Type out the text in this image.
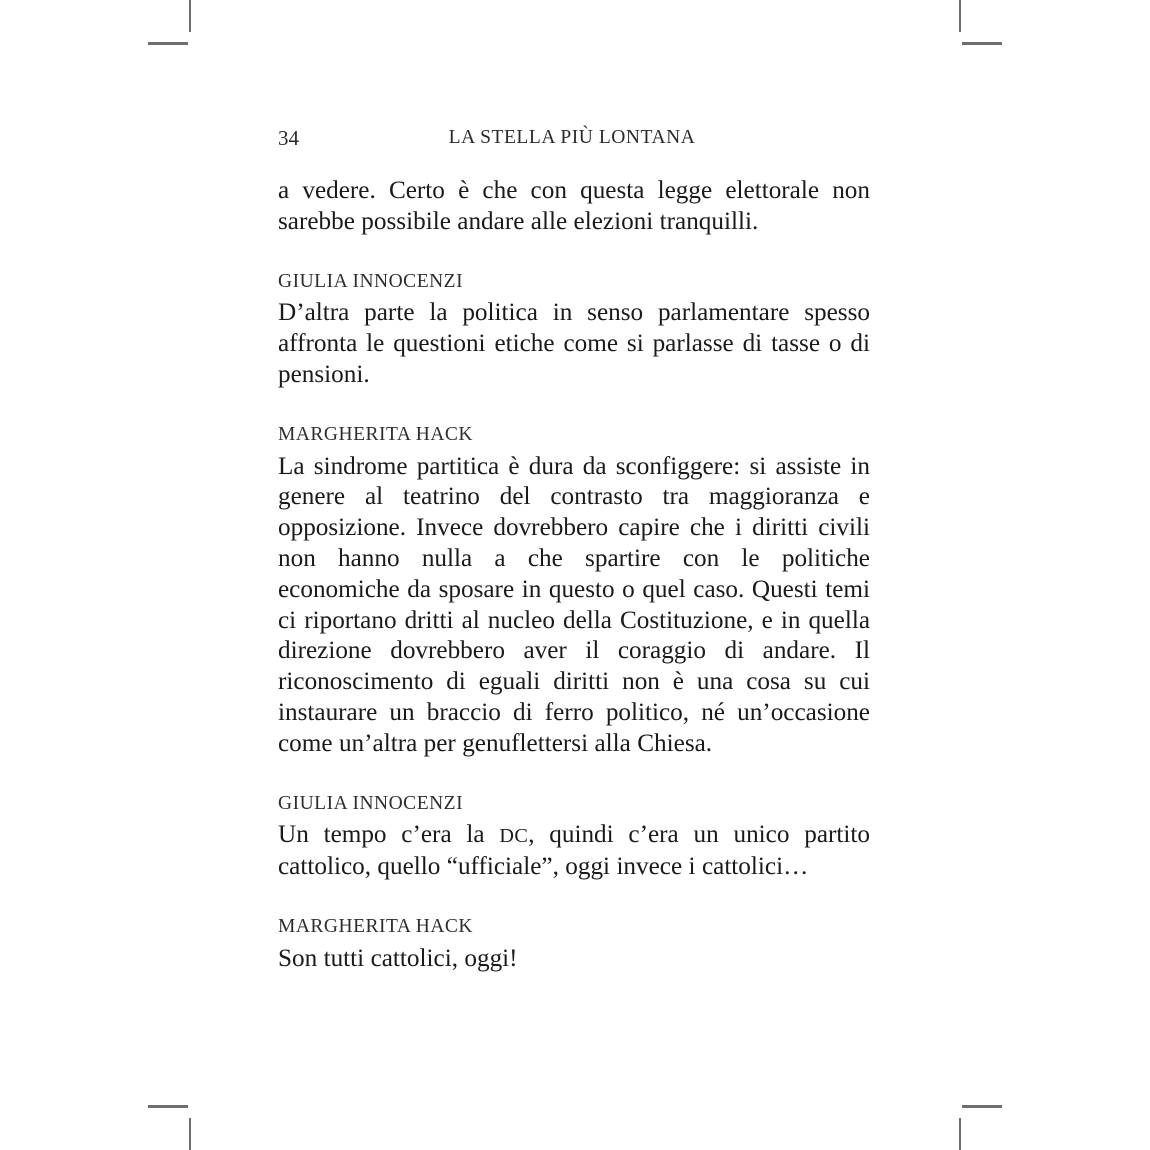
34	LA STELLA PIÙ LONTANA

a vedere. Certo è che con questa legge elettorale non sarebbe possibile andare alle elezioni tranquilli.

GIULIA INNOCENZI

D’altra parte la politica in senso parlamentare spesso affronta le questioni etiche come si parlasse di tasse o di pensioni.

MARGHERITA HACK

La sindrome partitica è dura da sconfiggere: si assiste in genere al teatrino del contrasto tra maggioranza e opposizione. Invece dovrebbero capire che i diritti civili non hanno nulla a che spartire con le politiche economiche da sposare in questo o quel caso. Questi temi ci riportano dritti al nucleo della Costituzione, e in quella direzione dovrebbero aver il coraggio di andare. Il riconoscimento di eguali diritti non è una cosa su cui instaurare un braccio di ferro politico, né un’occasione come un’altra per genuflettersi alla Chiesa.

GIULIA INNOCENZI

Un tempo c’era la DC, quindi c’era un unico partito cattolico, quello “ufficiale”, oggi invece i cattolici…

MARGHERITA HACK

Son tutti cattolici, oggi!
